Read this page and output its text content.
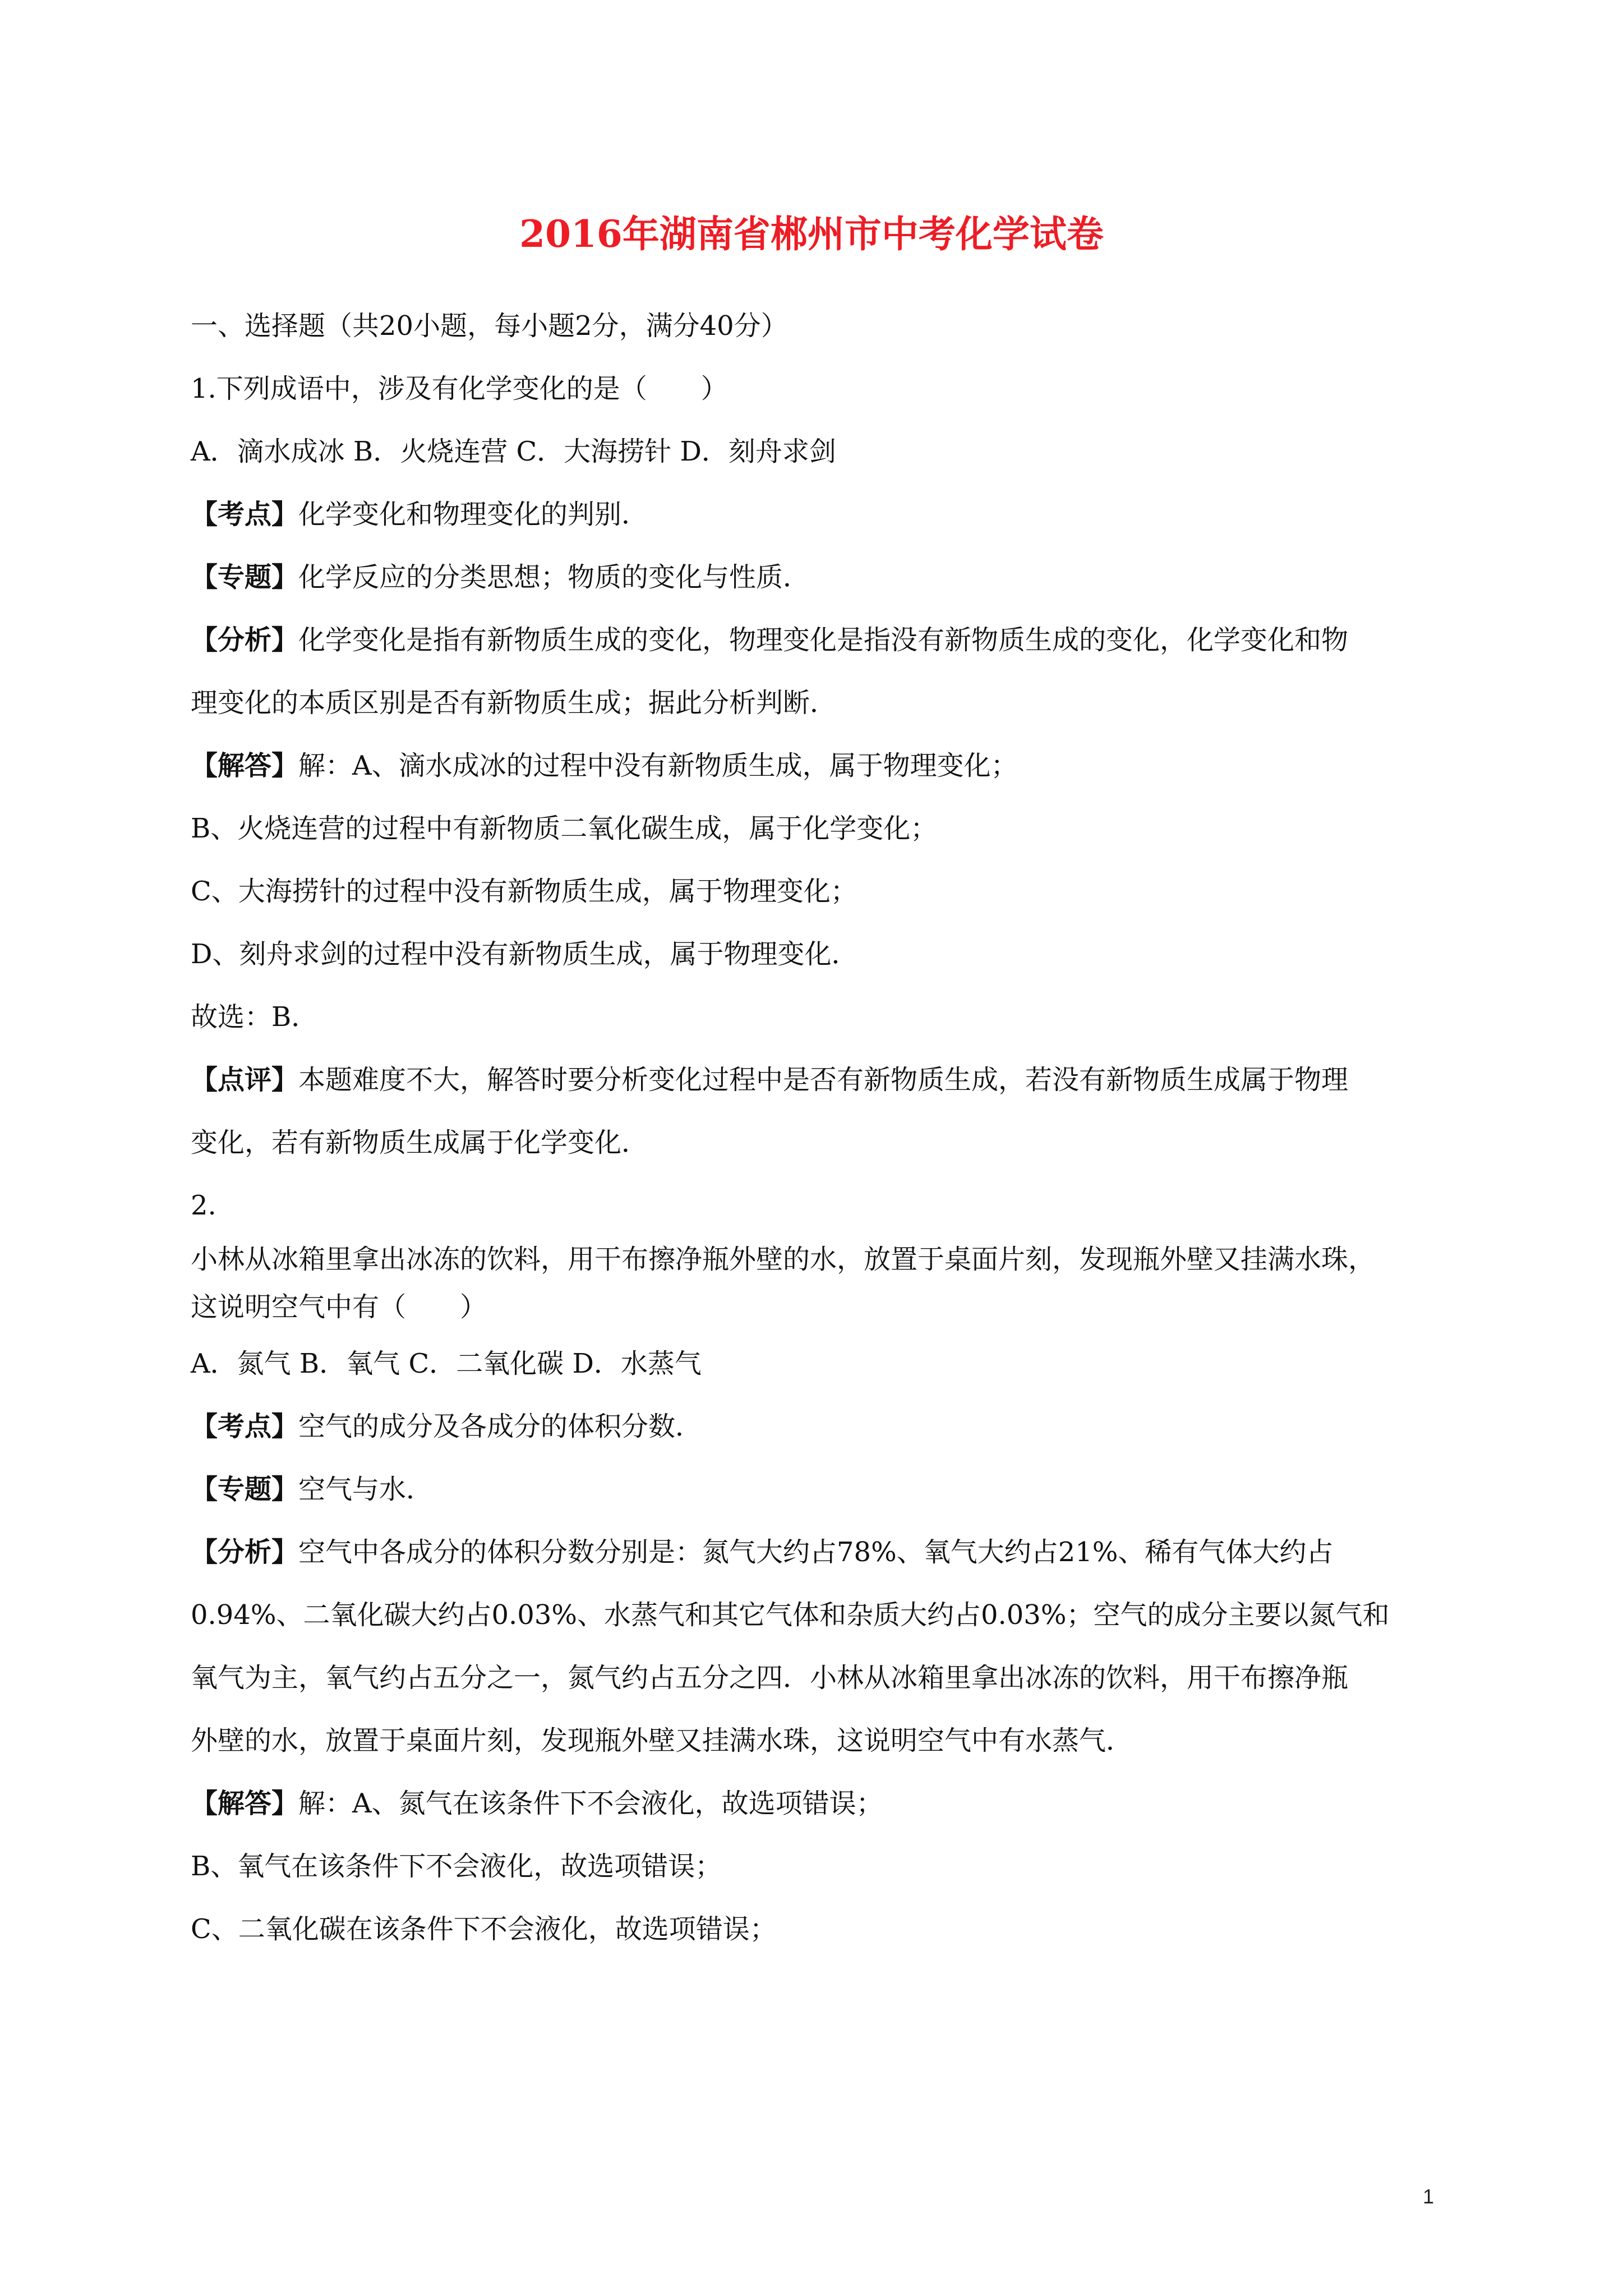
2016年湖南省郴州市中考化学试卷
一、选择题（共20小题，每小题2分，满分40分）
1.下列成语中，涉及有化学变化的是（　　）
A．滴水成冰 B．火烧连营 C．大海捞针 D．刻舟求剑
【考点】化学变化和物理变化的判别．
【专题】化学反应的分类思想；物质的变化与性质．
【分析】化学变化是指有新物质生成的变化，物理变化是指没有新物质生成的变化，化学变化和物
理变化的本质区别是否有新物质生成；据此分析判断．
【解答】解：A、滴水成冰的过程中没有新物质生成，属于物理变化；
B、火烧连营的过程中有新物质二氧化碳生成，属于化学变化；
C、大海捞针的过程中没有新物质生成，属于物理变化；
D、刻舟求剑的过程中没有新物质生成，属于物理变化．
故选：B．
【点评】本题难度不大，解答时要分析变化过程中是否有新物质生成，若没有新物质生成属于物理
变化，若有新物质生成属于化学变化．
2.
小林从冰箱里拿出冰冻的饮料，用干布擦净瓶外壁的水，放置于桌面片刻，发现瓶外壁又挂满水珠，
这说明空气中有（　　）
A．氮气 B．氧气 C．二氧化碳 D．水蒸气
【考点】空气的成分及各成分的体积分数．
【专题】空气与水．
【分析】空气中各成分的体积分数分别是：氮气大约占78%、氧气大约占21%、稀有气体大约占
0.94%、二氧化碳大约占0.03%、水蒸气和其它气体和杂质大约占0.03%；空气的成分主要以氮气和
氧气为主，氧气约占五分之一，氮气约占五分之四．小林从冰箱里拿出冰冻的饮料，用干布擦净瓶
外壁的水，放置于桌面片刻，发现瓶外壁又挂满水珠，这说明空气中有水蒸气．
【解答】解：A、氮气在该条件下不会液化，故选项错误；
B、氧气在该条件下不会液化，故选项错误；
C、二氧化碳在该条件下不会液化，故选项错误；
1
